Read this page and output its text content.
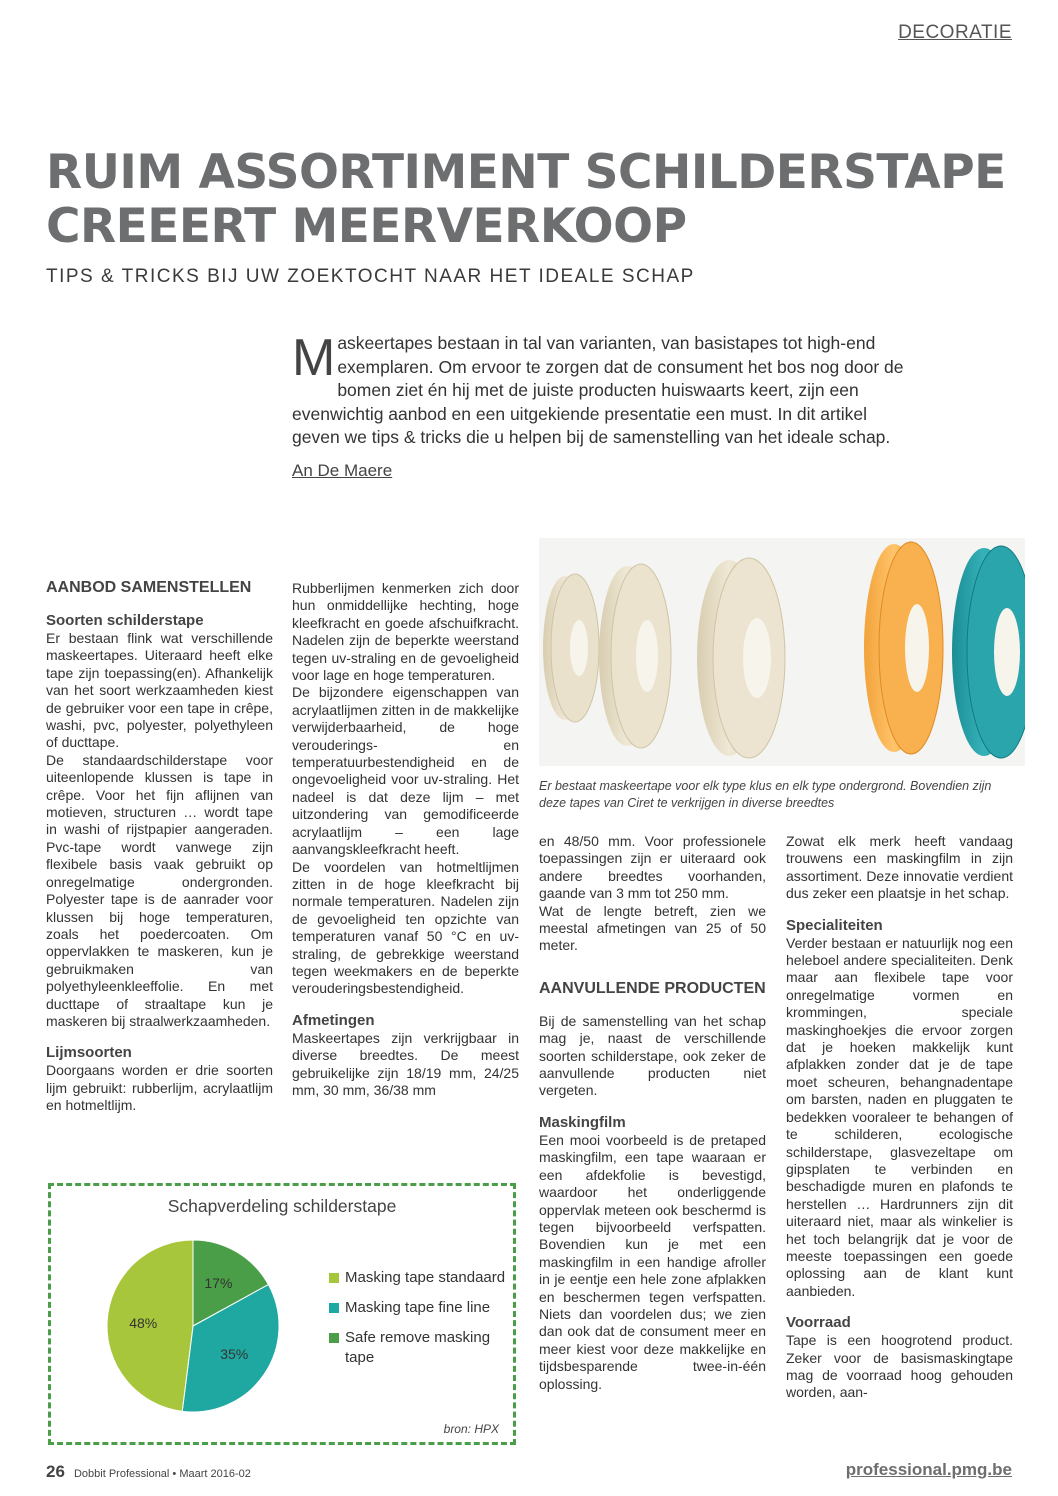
DECORATIE
RUIM ASSORTIMENT SCHILDERSTAPE CREEERT MEERVERKOOP
TIPS & TRICKS BIJ UW ZOEKTOCHT NAAR HET IDEALE SCHAP
Maskeertapes bestaan in tal van varianten, van basistapes tot high-end exemplaren. Om ervoor te zorgen dat de consument het bos nog door de bomen ziet én hij met de juiste producten huiswaarts keert, zijn een evenwichtig aanbod en een uitgekiende presentatie een must. In dit artikel geven we tips & tricks die u helpen bij de samenstelling van het ideale schap.
An De Maere
AANBOD SAMENSTELLEN
Soorten schilderstape

Er bestaan flink wat verschillende maskeertapes. Uiteraard heeft elke tape zijn toepassing(en). Afhankelijk van het soort werkzaamheden kiest de gebruiker voor een tape in crêpe, washi, pvc, polyester, polyethyleen of ducttape.

De standaardschilderstape voor uiteenlopende klussen is tape in crêpe. Voor het fijn aflijnen van motieven, structuren … wordt tape in washi of rijstpapier aangeraden. Pvc-tape wordt vanwege zijn flexibele basis vaak gebruikt op onregelmatige ondergronden. Polyester tape is de aanrader voor klussen bij hoge temperaturen, zoals het poedercoaten. Om oppervlakken te maskeren, kun je gebruikmaken van polyethyleenkleeffolie. En met ducttape of straaltape kun je maskeren bij straalwerkzaamheden.

Lijmsoorten

Doorgaans worden er drie soorten lijm gebruikt: rubberlijm, acrylaatlijm en hotmeltlijm.

Rubberlijmen kenmerken zich door hun onmiddellijke hechting, hoge kleefkracht en goede afschuifkracht. Nadelen zijn de beperkte weerstand tegen uv-straling en de gevoeligheid voor lage en hoge temperaturen.

De bijzondere eigenschappen van acrylaatlijmen zitten in de makkelijke verwijderbaarheid, de hoge verouderings- en temperatuurbestendigheid en de ongevoeligheid voor uv-straling. Het nadeel is dat deze lijm – met uitzondering van gemodificeerde acrylaatlijm – een lage aanvangskleefkracht heeft.

De voordelen van hotmeltlijmen zitten in de hoge kleefkracht bij normale temperaturen. Nadelen zijn de gevoeligheid ten opzichte van temperaturen vanaf 50 °C en uv-straling, de gebrekkige weerstand tegen weekmakers en de beperkte verouderingsbestendigheid.

Afmetingen

Maskeertapes zijn verkrijgbaar in diverse breedtes. De meest gebruikelijke zijn 18/19 mm, 24/25 mm, 30 mm, 36/38 mm

Er bestaat maskeertape voor elk type klus en elk type ondergrond. Bovendien zijn deze tapes van Ciret te verkrijgen in diverse breedtes

en 48/50 mm. Voor professionele toepassingen zijn er uiteraard ook andere breedtes voorhanden, gaande van 3 mm tot 250 mm.

Wat de lengte betreft, zien we meestal afmetingen van 25 of 50 meter.

AANVULLENDE PRODUCTEN

Bij de samenstelling van het schap mag je, naast de verschillende soorten schilderstape, ook zeker de aanvullende producten niet vergeten.

Maskingfilm

Een mooi voorbeeld is de pretaped maskingfilm, een tape waaraan er een afdekfolie is bevestigd, waardoor het onderliggende oppervlak meteen ook beschermd is tegen bijvoorbeeld verfspatten. Bovendien kun je met een maskingfilm in een handige afroller in je eentje een hele zone afplakken en beschermen tegen verfspatten. Niets dan voordelen dus; we zien dan ook dat de consument meer en meer kiest voor deze makkelijke en tijdsbesparende twee-in-één oplossing.

Zowat elk merk heeft vandaag trouwens een maskingfilm in zijn assortiment. Deze innovatie verdient dus zeker een plaatsje in het schap.

Specialiteiten

Verder bestaan er natuurlijk nog een heleboel andere specialiteiten. Denk maar aan flexibele tape voor onregelmatige vormen en krommingen, speciale maskinghoekjes die ervoor zorgen dat je hoeken makkelijk kunt afplakken zonder dat je de tape moet scheuren, behangnadentape om barsten, naden en pluggaten te bedekken vooraleer te behangen of te schilderen, ecologische schilderstape, glasvezeltape om gipsplaten te verbinden en beschadigde muren en plafonds te herstellen … Hardrunners zijn dit uiteraard niet, maar als winkelier is het toch belangrijk dat je voor de meeste toepassingen een goede oplossing aan de klant kunt aanbieden.

Voorraad

Tape is een hoogrotend product. Zeker voor de basismaskingtape mag de voorraad hoog gehouden worden, aan-

Schapverdeling schilderstape
17%
35%
48%
Masking tape standaard
Masking tape fine line
Safe remove masking tape
bron: HPX
26 Dobbit Professional • Maart 2016-02	professional.pmg.be
